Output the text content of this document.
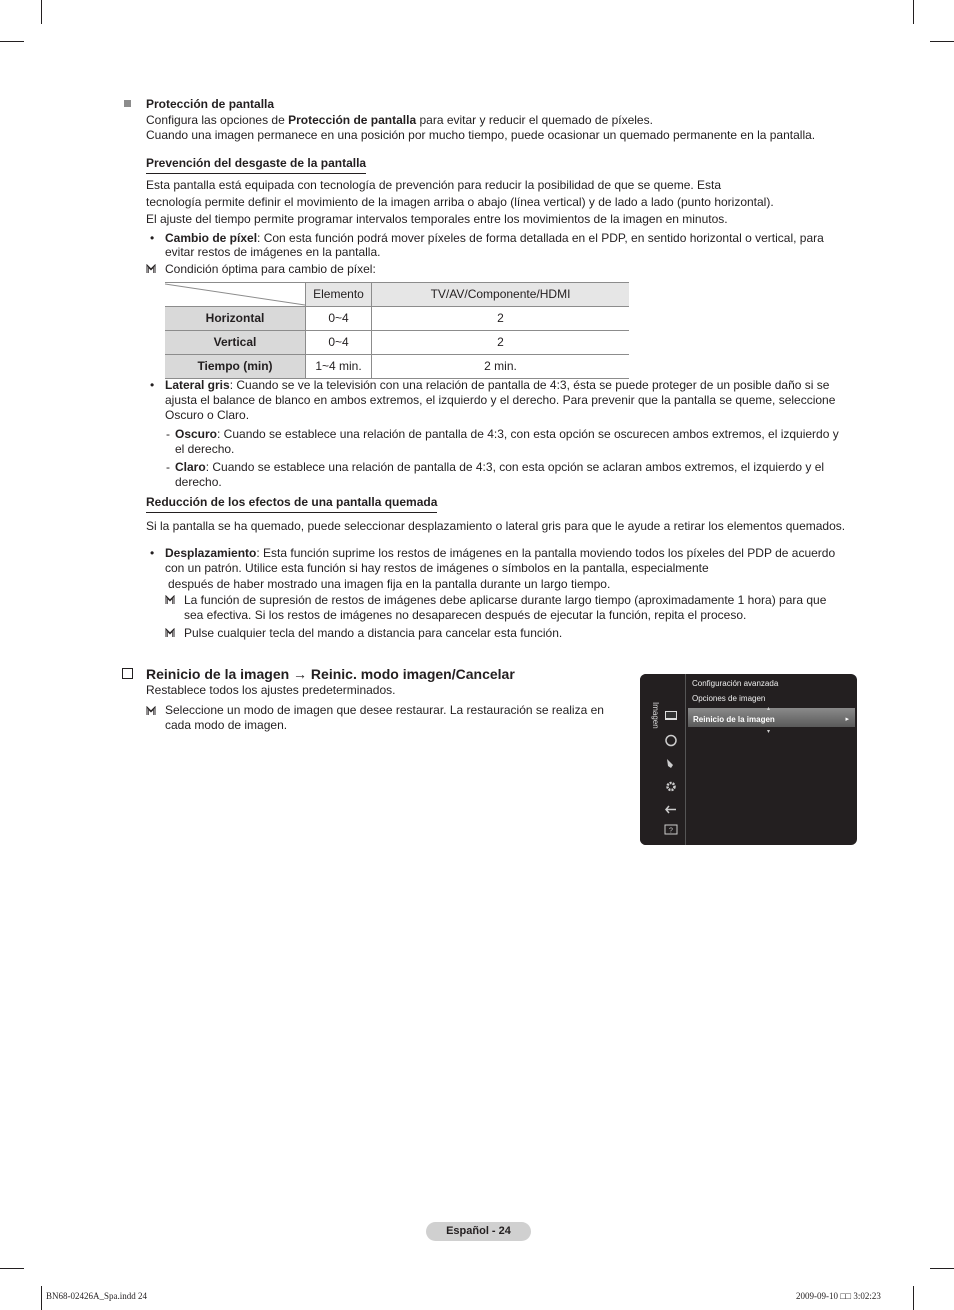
Protección de pantalla
Configura las opciones de Protección de pantalla para evitar y reducir el quemado de píxeles.
Cuando una imagen permanece en una posición por mucho tiempo, puede ocasionar un quemado permanente en la pantalla.
Prevención del desgaste de la pantalla
Esta pantalla está equipada con tecnología de prevención para reducir la posibilidad de que se queme. Esta
tecnología permite definir el movimiento de la imagen arriba o abajo (línea vertical) y de lado a lado (punto horizontal).
El ajuste del tiempo permite programar intervalos temporales entre los movimientos de la imagen en minutos.
• Cambio de píxel: Con esta función podrá mover píxeles de forma detallada en el PDP, en sentido horizontal o vertical, para
evitar restos de imágenes en la pantalla.
Condición óptima para cambio de píxel:
	Elemento	TV/AV/Componente/HDMI
Horizontal	0~4	2
Vertical	0~4	2
Tiempo (min)	1~4 min.	2 min.
• Lateral gris: Cuando se ve la televisión con una relación de pantalla de 4:3, ésta se puede proteger de un posible daño si se
ajusta el balance de blanco en ambos extremos, el izquierdo y el derecho. Para prevenir que la pantalla se queme, seleccione
Oscuro o Claro.
- Oscuro: Cuando se establece una relación de pantalla de 4:3, con esta opción se oscurecen ambos extremos, el izquierdo y
el derecho.
- Claro: Cuando se establece una relación de pantalla de 4:3, con esta opción se aclaran ambos extremos, el izquierdo y el
derecho.
Reducción de los efectos de una pantalla quemada
Si la pantalla se ha quemado, puede seleccionar desplazamiento o lateral gris para que le ayude a retirar los elementos quemados.
• Desplazamiento: Esta función suprime los restos de imágenes en la pantalla moviendo todos los píxeles del PDP de acuerdo
con un patrón. Utilice esta función si hay restos de imágenes o símbolos en la pantalla, especialmente
después de haber mostrado una imagen fija en la pantalla durante un largo tiempo.
La función de supresión de restos de imágenes debe aplicarse durante largo tiempo (aproximadamente 1 hora) para que
sea efectiva. Si los restos de imágenes no desaparecen después de ejecutar la función, repita el proceso.
Pulse cualquier tecla del mando a distancia para cancelar esta función.
Reinicio de la imagen → Reinic. modo imagen/Cancelar
Restablece todos los ajustes predeterminados.
Seleccione un modo de imagen que desee restaurar. La restauración se realiza en
cada modo de imagen.	Imagen
?
Configuración avanzada
Opciones de imagen
Reinicio de la imagen	▸
▴
▾
Español - 24
BN68-02426A_Spa.indd 24	2009-09-10 □□ 3:02:23
